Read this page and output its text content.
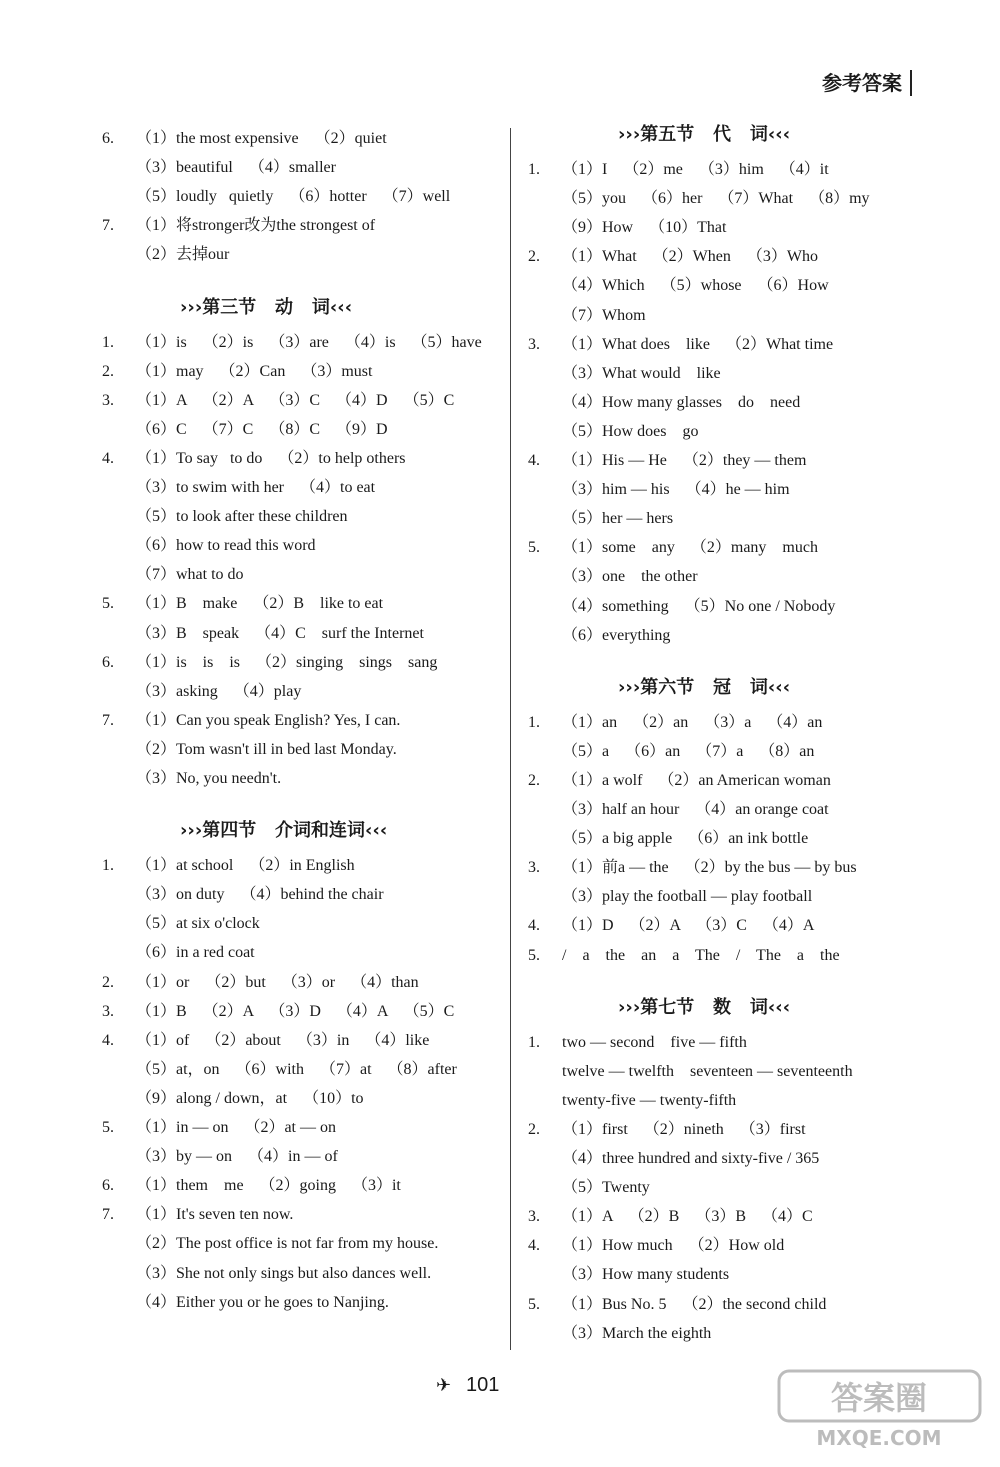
参考答案
6. （1）the most expensive    （2）quiet
（3）beautiful    （4）smaller
（5）loudly   quietly    （6）hotter    （7）well
7. （1）将stronger改为the strongest of
（2）去掉our
›››第三节   动   词‹‹‹
1. （1）is    （2）is    （3）are    （4）is    （5）have
2. （1）may    （2）Can    （3）must
3. （1）A    （2）A    （3）C    （4）D    （5）C
（6）C    （7）C    （8）C    （9）D
4. （1）To say   to do    （2）to help others
（3）to swim with her    （4）to eat
（5）to look after these children
（6）how to read this word
（7）what to do
5. （1）B    make    （2）B    like to eat
（3）B    speak    （4）C    surf the Internet
6. （1）is    is    is    （2）singing    sings    sang
（3）asking    （4）play
7. （1）Can you speak English? Yes, I can.
（2）Tom wasn't ill in bed last Monday.
（3）No, you needn't.
›››第四节   介词和连词‹‹‹
1. （1）at school    （2）in English
（3）on duty    （4）behind the chair
（5）at six o'clock
（6）in a red coat
2. （1）or    （2）but    （3）or    （4）than
3. （1）B    （2）A    （3）D    （4）A    （5）C
4. （1）of    （2）about    （3）in    （4）like
（5）at，on    （6）with    （7）at    （8）after
（9）along / down，at    （10）to
5. （1）in — on    （2）at — on
（3）by — on    （4）in — of
6. （1）them    me    （2）going    （3）it
7. （1）It's seven ten now.
（2）The post office is not far from my house.
（3）She not only sings but also dances well.
（4）Either you or he goes to Nanjing.
›››第五节   代   词‹‹‹
1. （1）I    （2）me    （3）him    （4）it
（5）you    （6）her    （7）What    （8）my
（9）How    （10）That
2. （1）What    （2）When    （3）Who
（4）Which    （5）whose    （6）How
（7）Whom
3. （1）What does    like    （2）What time
（3）What would    like
（4）How many glasses    do    need
（5）How does    go
4. （1）His — He    （2）they — them
（3）him — his    （4）he — him
（5）her — hers
5. （1）some    any    （2）many    much
（3）one    the other
（4）something    （5）No one / Nobody
（6）everything
›››第六节   冠   词‹‹‹
1. （1）an    （2）an    （3）a    （4）an
（5）a    （6）an    （7）a    （8）an
2. （1）a wolf    （2）an American woman
（3）half an hour    （4）an orange coat
（5）a big apple    （6）an ink bottle
3. （1）前a — the    （2）by the bus — by bus
（3）play the football — play football
4. （1）D    （2）A    （3）C    （4）A
5. /    a    the    an    a    The    /    The    a    the
›››第七节   数   词‹‹‹
1. two — second    five — fifth
twelve — twelfth    seventeen — seventeenth
twenty-five — twenty-fifth
2. （1）first    （2）nineth    （3）first
（4）three hundred and sixty-five / 365
（5）Twenty
3. （1）A    （2）B    （3）B    （4）C
4. （1）How much    （2）How old
（3）How many students
5. （1）Bus No. 5    （2）the second child
（3）March the eighth
✈ 101	答案圈
MXQE.COM
